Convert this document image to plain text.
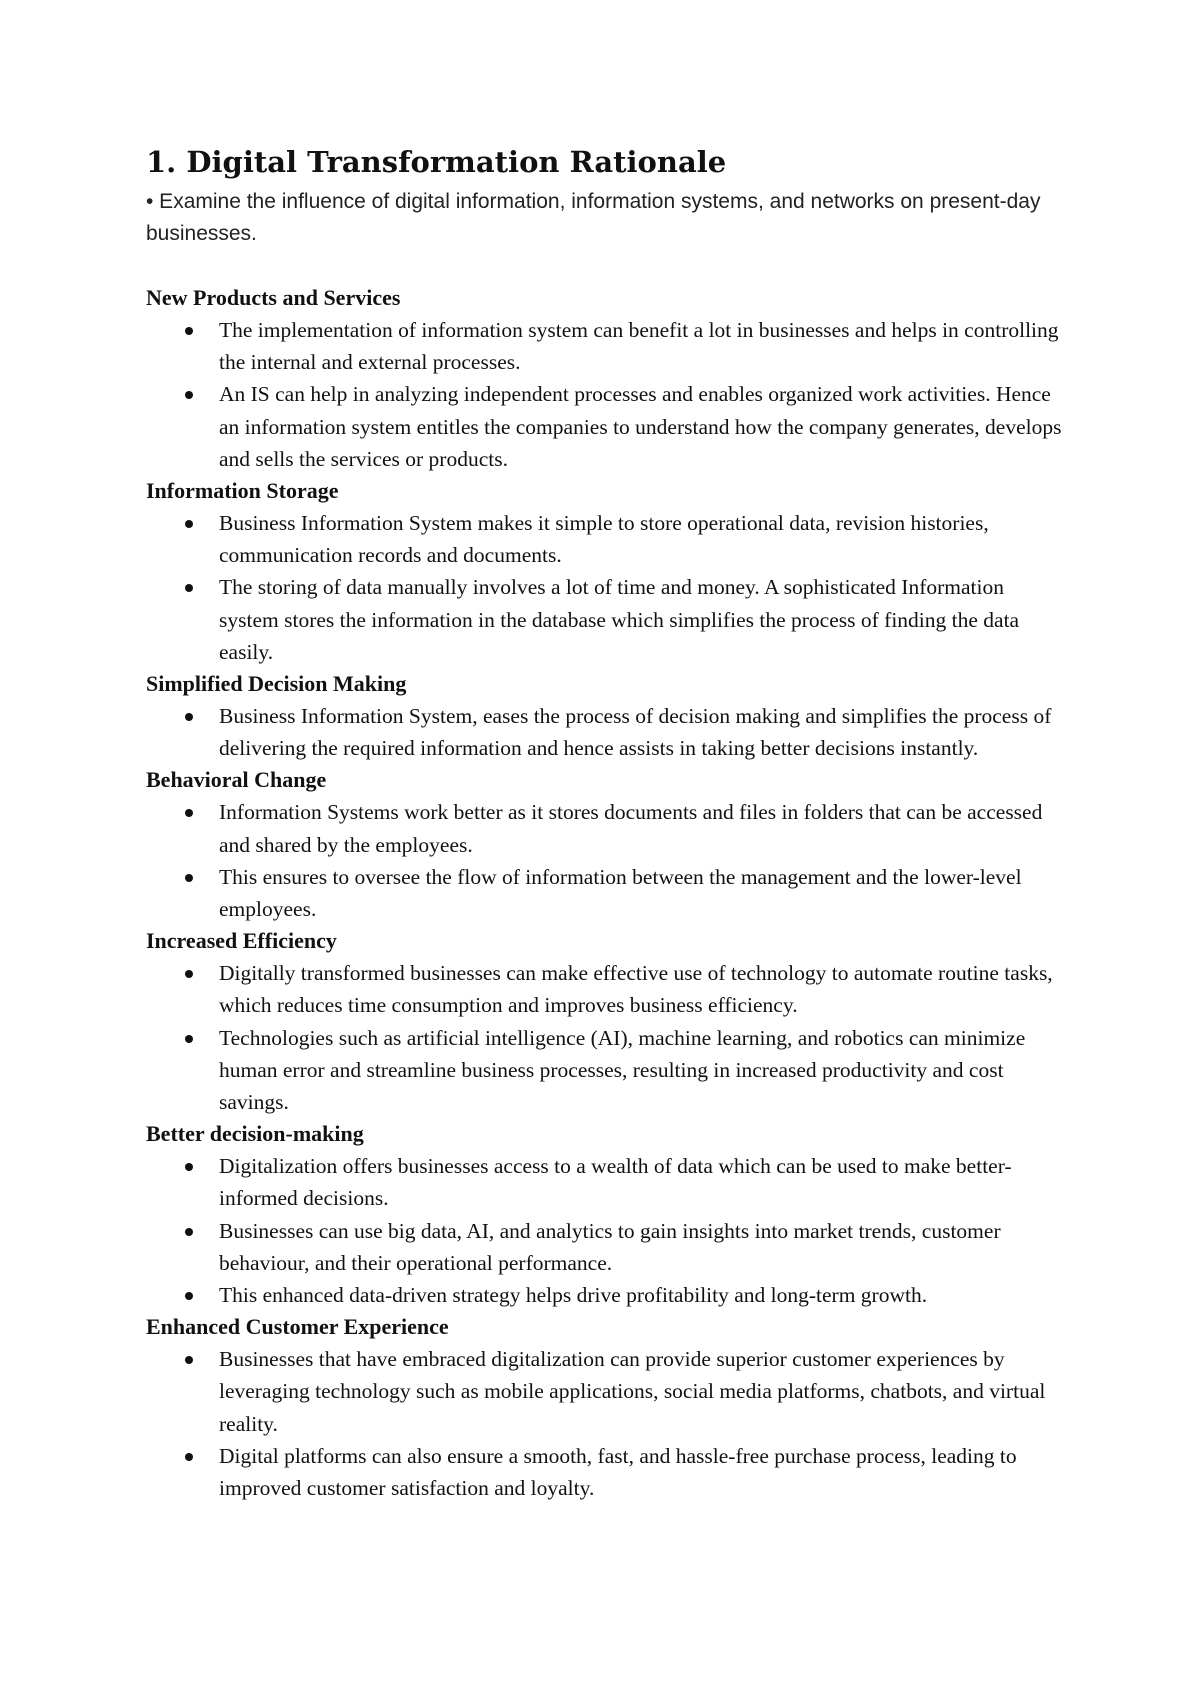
1. Digital Transformation Rationale

• Examine the influence of digital information, information systems, and networks on present-day businesses.

New Products and Services
The implementation of information system can benefit a lot in businesses and helps in controlling the internal and external processes.
An IS can help in analyzing independent processes and enables organized work activities. Hence an information system entitles the companies to understand how the company generates, develops and sells the services or products.
Information Storage
Business Information System makes it simple to store operational data, revision histories, communication records and documents.
The storing of data manually involves a lot of time and money. A sophisticated Information system stores the information in the database which simplifies the process of finding the data easily.
Simplified Decision Making
Business Information System, eases the process of decision making and simplifies the process of delivering the required information and hence assists in taking better decisions instantly.
Behavioral Change
Information Systems work better as it stores documents and files in folders that can be accessed and shared by the employees.
This ensures to oversee the flow of information between the management and the lower-level employees.
Increased Efficiency
Digitally transformed businesses can make effective use of technology to automate routine tasks, which reduces time consumption and improves business efficiency.
Technologies such as artificial intelligence (AI), machine learning, and robotics can minimize human error and streamline business processes, resulting in increased productivity and cost savings.
Better decision-making
Digitalization offers businesses access to a wealth of data which can be used to make better-informed decisions.
Businesses can use big data, AI, and analytics to gain insights into market trends, customer behaviour, and their operational performance.
This enhanced data-driven strategy helps drive profitability and long-term growth.
Enhanced Customer Experience
Businesses that have embraced digitalization can provide superior customer experiences by leveraging technology such as mobile applications, social media platforms, chatbots, and virtual reality.
Digital platforms can also ensure a smooth, fast, and hassle-free purchase process, leading to improved customer satisfaction and loyalty.
